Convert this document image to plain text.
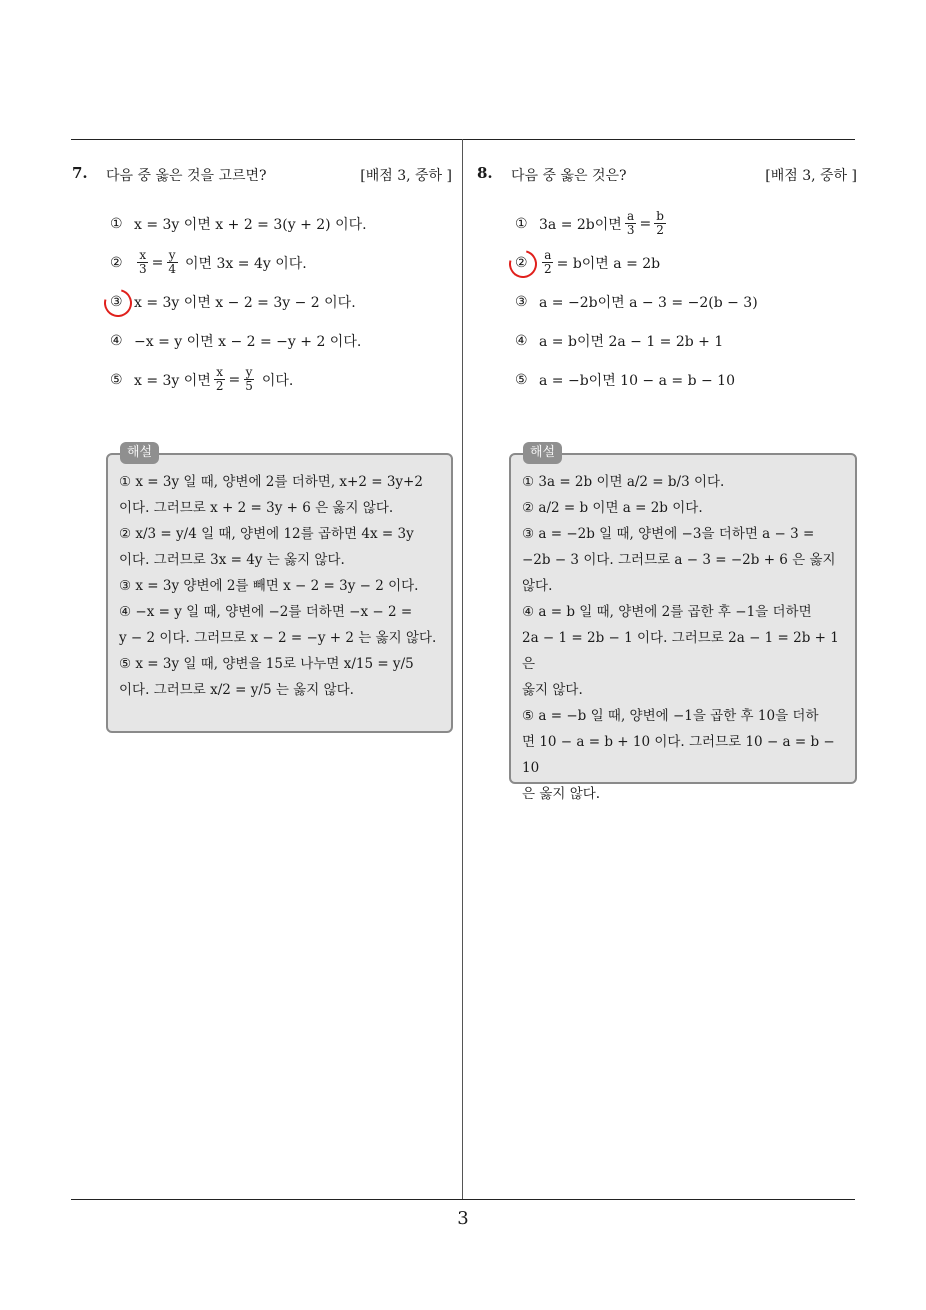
7. 다음 중 옳은 것을 고르면?	[배점 3, 중하 ]
① x = 3y 이면 x + 2 = 3(y + 2) 이다.
②	$\frac{x}{3} = \frac{y}{4}$ 이면 3x = 4y 이다.
③ x = 3y 이면 x − 2 = 3y − 2 이다.
④ −x = y 이면 x − 2 = −y + 2 이다.
⑤ x = 3y 이면 $\frac{x}{2} = \frac{y}{5}$ 이다.
해설

① x = 3y 일 때, 양변에 2를 더하면, x+2 = 3y+2

이다. 그러므로 x + 2 = 3y + 6 은 옳지 않다.

② x/3 = y/4 일 때, 양변에 12를 곱하면 4x = 3y

이다. 그러므로 3x = 4y 는 옳지 않다.

③ x = 3y 양변에 2를 빼면 x − 2 = 3y − 2 이다.

④ −x = y 일 때, 양변에 −2를 더하면 −x − 2 =

y − 2 이다. 그러므로 x − 2 = −y + 2 는 옳지 않다.

⑤ x = 3y 일 때, 양변을 15로 나누면 x/15 = y/5

이다. 그러므로 x/2 = y/5 는 옳지 않다.

8. 다음 중 옳은 것은?	[배점 3, 중하 ]
① 3a = 2b이면 $\frac{a}{3} = \frac{b}{2}$
②	$\frac{a}{2} = b$이면 a = 2b
③ a = −2b이면 a − 3 = −2(b − 3)
④ a = b이면 2a − 1 = 2b + 1
⑤ a = −b이면 10 − a = b − 10
해설

① 3a = 2b 이면 a/2 = b/3 이다.

② a/2 = b 이면 a = 2b 이다.

③ a = −2b 일 때, 양변에 −3을 더하면 a − 3 =

−2b − 3 이다. 그러므로 a − 3 = −2b + 6 은 옳지

않다.

④ a = b 일 때, 양변에 2를 곱한 후 −1을 더하면

2a − 1 = 2b − 1 이다. 그러므로 2a − 1 = 2b + 1 은

옳지 않다.

⑤ a = −b 일 때, 양변에 −1을 곱한 후 10을 더하

면 10 − a = b + 10 이다. 그러므로 10 − a = b − 10

은 옳지 않다.

3
